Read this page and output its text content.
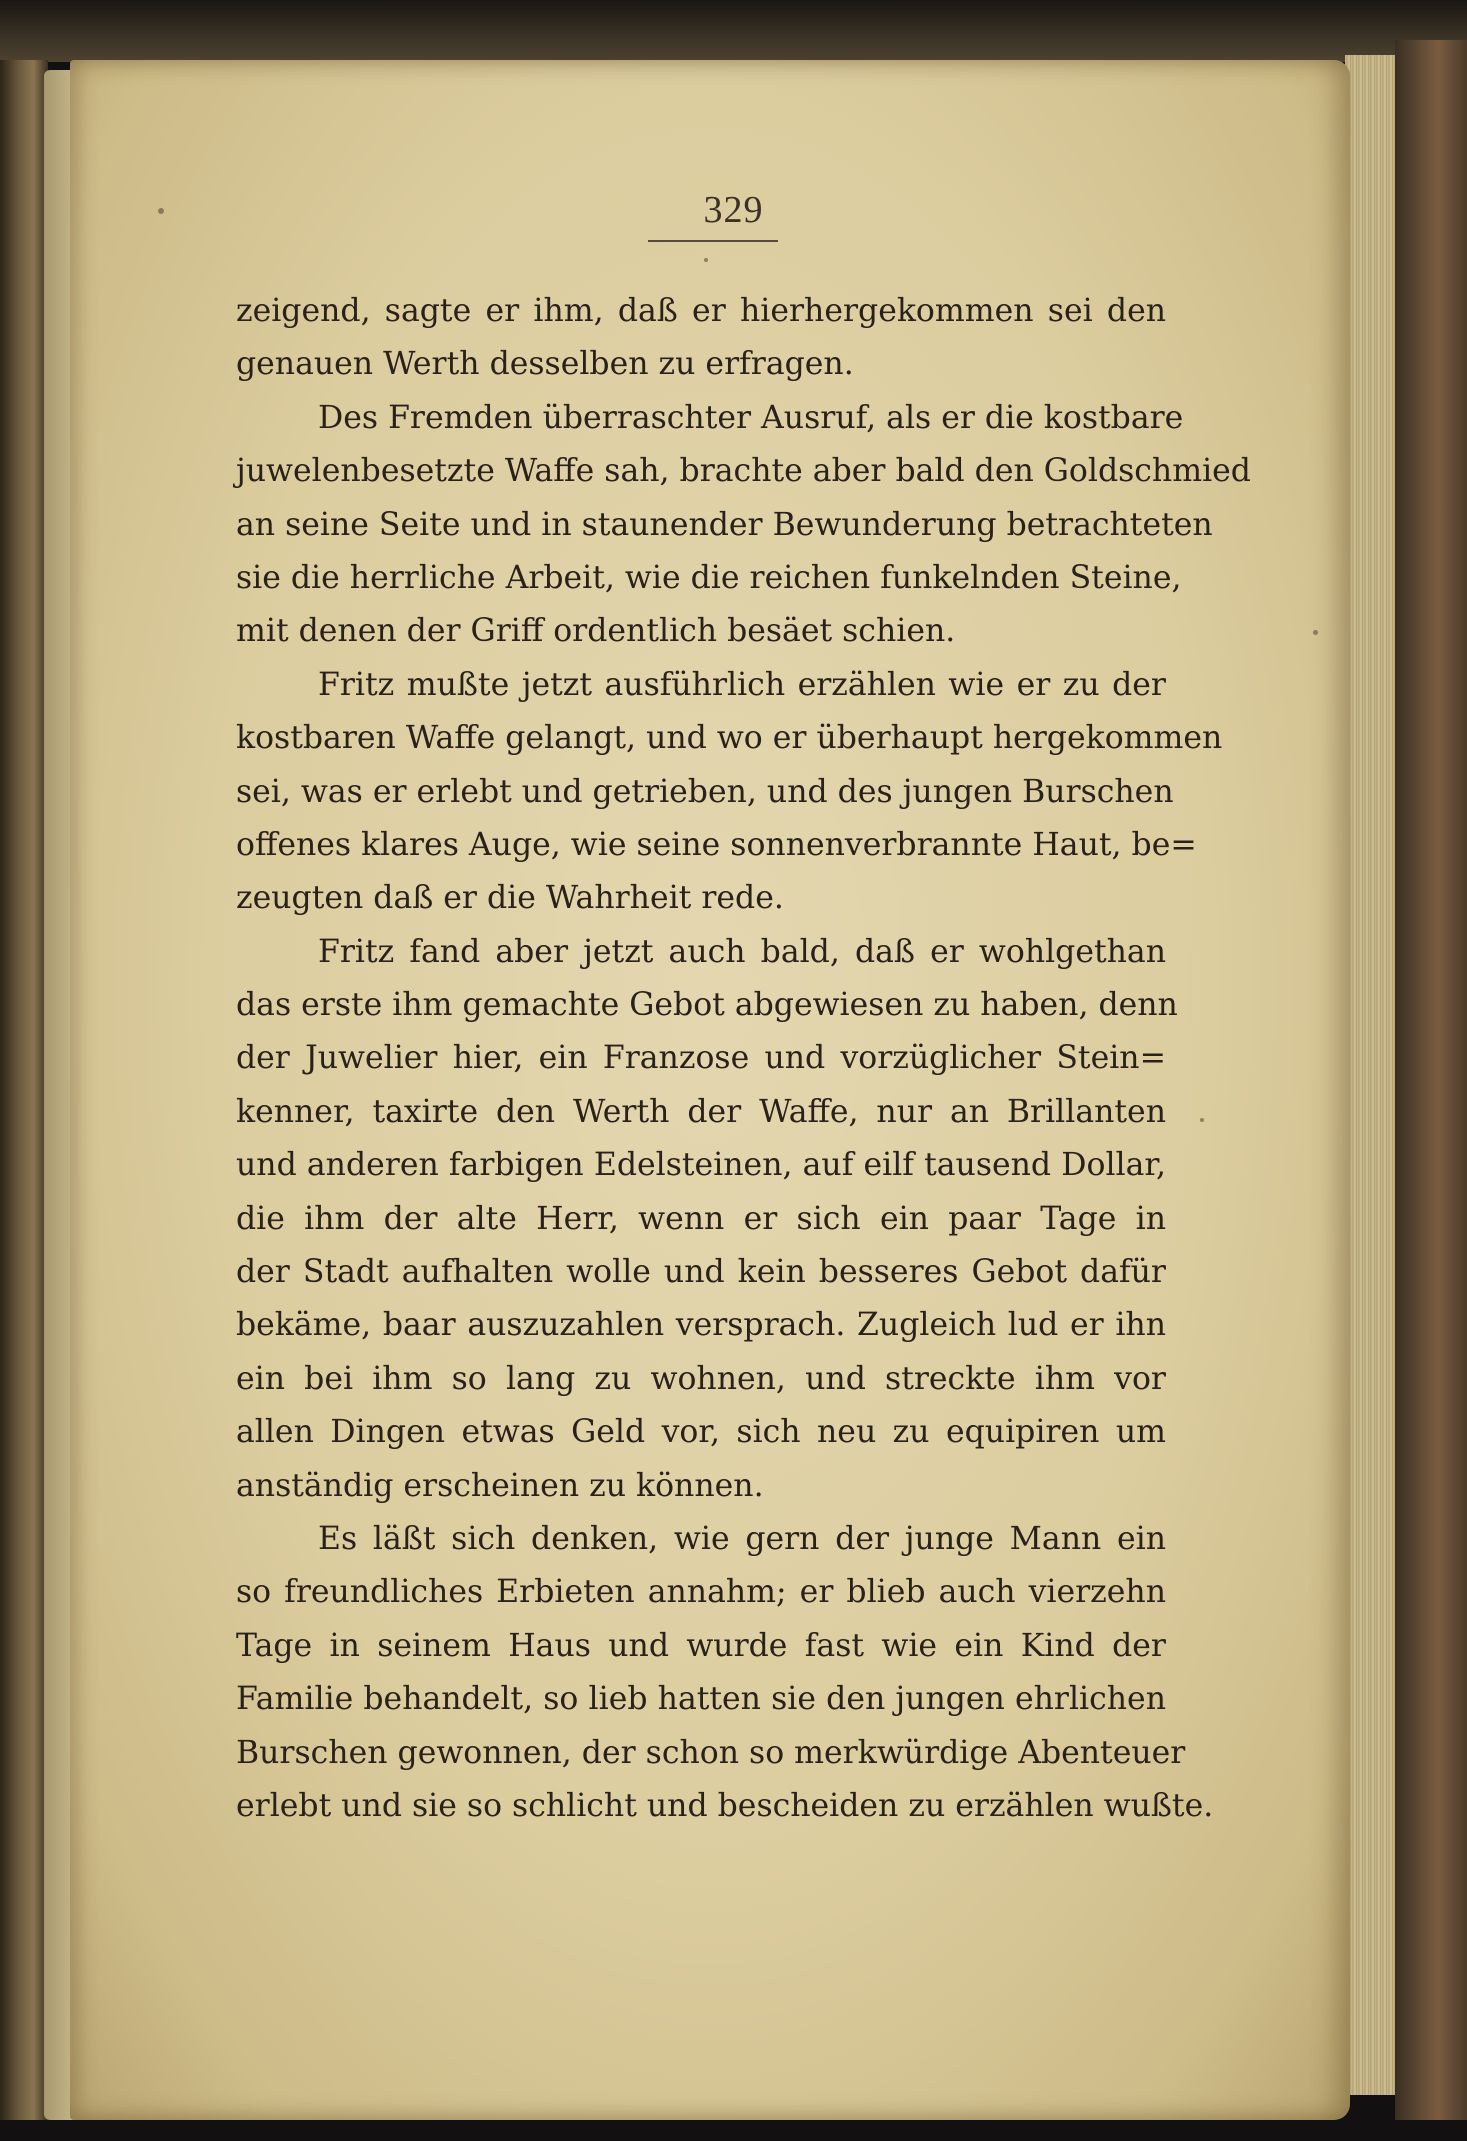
329
zeigend, sagte er ihm, daß er hierhergekommen sei den
genauen Werth desselben zu erfragen.
Des Fremden überraschter Ausruf, als er die kostbare
juwelenbesetzte Waffe sah, brachte aber bald den Goldschmied
an seine Seite und in staunender Bewunderung betrachteten
sie die herrliche Arbeit, wie die reichen funkelnden Steine,
mit denen der Griff ordentlich besäet schien.
Fritz mußte jetzt ausführlich erzählen wie er zu der
kostbaren Waffe gelangt, und wo er überhaupt hergekommen
sei, was er erlebt und getrieben, und des jungen Burschen
offenes klares Auge, wie seine sonnenverbrannte Haut, be=
zeugten daß er die Wahrheit rede.
Fritz fand aber jetzt auch bald, daß er wohlgethan
das erste ihm gemachte Gebot abgewiesen zu haben, denn
der Juwelier hier, ein Franzose und vorzüglicher Stein=
kenner, taxirte den Werth der Waffe, nur an Brillanten
und anderen farbigen Edelsteinen, auf eilf tausend Dollar,
die ihm der alte Herr, wenn er sich ein paar Tage in
der Stadt aufhalten wolle und kein besseres Gebot dafür
bekäme, baar auszuzahlen versprach. Zugleich lud er ihn
ein bei ihm so lang zu wohnen, und streckte ihm vor
allen Dingen etwas Geld vor, sich neu zu equipiren um
anständig erscheinen zu können.
Es läßt sich denken, wie gern der junge Mann ein
so freundliches Erbieten annahm; er blieb auch vierzehn
Tage in seinem Haus und wurde fast wie ein Kind der
Familie behandelt, so lieb hatten sie den jungen ehrlichen
Burschen gewonnen, der schon so merkwürdige Abenteuer
erlebt und sie so schlicht und bescheiden zu erzählen wußte.
